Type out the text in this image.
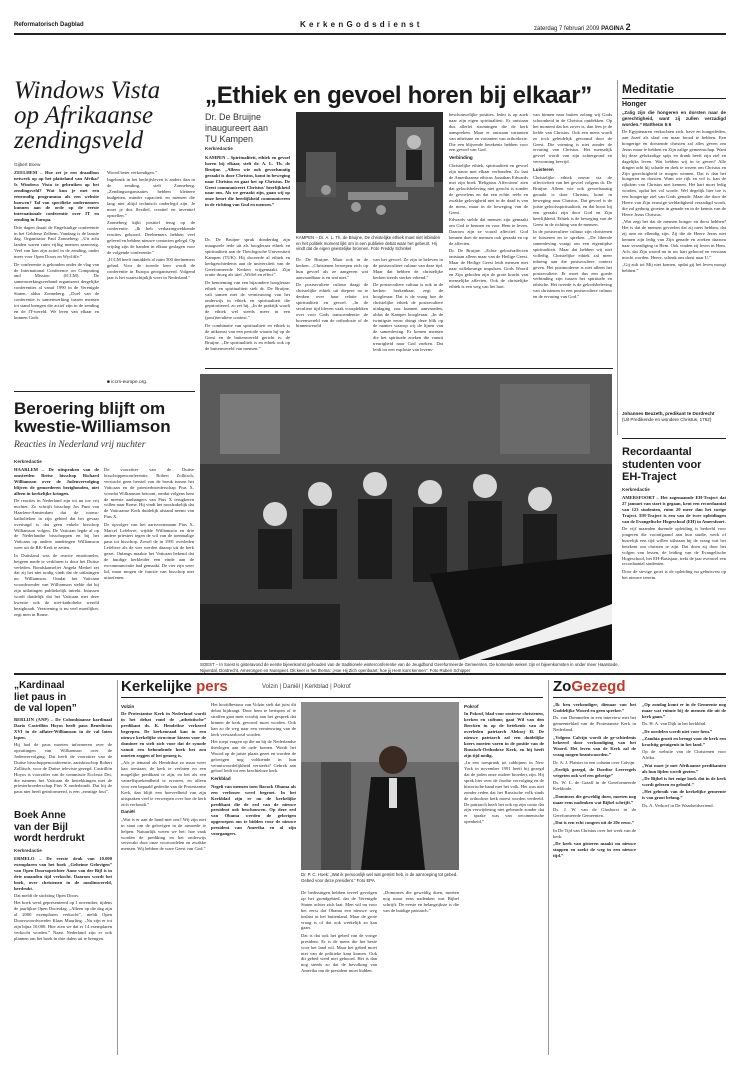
Reformatorisch Dagblad	K e r k e n G o d s d i e n s t	zaterdag 7 februari 2009 PAGINA 2
Windows Vista
op Afrikaanse
zendingsveld
Gijbert Boew

ZEELHEM – Hoe zet je een draadloos netwerk op op het platteland van Afrika? Is Windows Vista te gebruiken op het zendingsveld? Wat kun je met een eenvoudig programma als een website bouwen? Tal van specifieke ondernemers kunnen aan de orde op de eerste internationale conferentie over IT en zending in Europa.

Drie dagen draait de Engelstalige conferentie in het Geldersе Zelhem. Vandaag is de laatste dag. Organisator Paul Zonneberg: „Uit acht landen waren ruim vijftig mensen aanwezig. Veel van hen zijn actief in de zending, onder meer voor Open Doors en Wycliffe.”

De conferentie is gehouden onder de vlag van de International Conference on Computing and Mission (ICCM). De samenwerkingsverband organiseert dergelijke conferenties al vanaf 1990 in de Verenigde Staten, aldus Zonneberg. „Doel van de conferentie is samenwerking tussen mensen tot stand brengen die actief zijn in de zending en de IT-wereld. We leren van elkaar en kunnen Gods

Woord beter verkondigen.”

Ingebruik in het bedrijfsleven is anders dan in de zending, stelt Zonneberg. „Zendingsorganisaties hebben kleinere budgetten, minder capaciteit en mensen die lang niet altijd technisch onderlegd zijn. Je moet je dus flexibel, creatief en inventief opstellen.”

Zonneberg kijkt positief terug op de conferentie. „Ik heb verbazingwekkende reacties gehoord. Deelnemers hebben veel geleerd en hebben nieuwe contacten gelegd. Op vrijdag zijn de handen in elkaar geslagen voor de volgende conferentie.”

„ICCM heeft inmiddels al ruim 500 deelnemers gehad. Voor de tweede keer wordt de conferentie in Europa georganiseerd. Volgend jaar is het waarschijnlijk weer in Nederland.”

■ iccm-europe.org.
„Ethiek en gevoel horen bij elkaar”
Dr. De Bruijne
inaugureert aan
TU Kampen
Kerkredactie

KAMPEN – Spiritualiteit, ethiek en gevoel horen bij elkaar, stelt dr. A. L. Th. de Bruijne. „Alleen wie ook gevoelsmatig geraakt is door Christus, komt in beweging naar Christus en gaat het op Christus. De Geest communiceert Christus' heerlijkheid naar ons. Als we geraakt zijn, gaan wij op onze beurt die heerlijkheid communiceren in de richting van God en mensen.”

KAMPEN – Dr. A. L. Th. de Bruijne. De christelijke ethiek moet niet inbinden en het politiek moment lijkt om in een publieke debat waar het gebeurt. Hij vindt dat de eigen geestelijke bronnen. Foto Freddy Schinkel

Dr. De Bruijne sprak donderdag zijn inaugurele rede uit als hoogleraar ethiek en spiritualiteit aan de Theologische Universiteit Kampen (TUK). Hij doceerde al ethiek en kerkgeschiedenis aan de universiteit van de Gereformeerde Kerken vrijgemaakt. Zijn oratie droeg als titel „Wiffel en effect”.

De benoeming van een bijzondere hoogleraar ethiek en spiritualiteit stelt dr. De Bruijne, valt samen met de vernieuwing van het onderwijs in ethiek en spiritualiteit die geprioriteerd, zo zei hij. „In de praktijk wordt de ethiek wel steeds meer in een (post)seculiere context.”

De combinatie van spiritualiteit en ethiek is de uitkomst van een periode waarin hij op de Geest en de buitenwereld gericht is; de Bruijne. „De spiritualiteit is en ethiek ook op de buitenwereld van mensen.”

Dr. De Bruijne. Maar ook in de kerken. „Christenen beroepen zich op hun gevoel als ze aangeven wat aanvaardbaar is en wat niet.”

De postseculiere cultuur daagt de christelijke ethiek uit diepere na te denken over haar relatie tot spiritualiteit en gevoel. „In de seculiere tijd bleven vaak voorplekken over voor Gods transcendentie: de bovenwereld van de orthodoxie of de binnenwereld

van het gevoel. Ze zijn te beleven in de postseculiere cultuur van deze tijd. Maar dat hebben de christelijke kerken steeds sterker erkend.”

De postseculiere cultuur is ook in de kerken herkenbaar, zegt de hoogleraar. Dat is de vraag hoe de christelijke ethiek de postseculiere uitdaging zou kunnen aanvaarden, aldus de Kamper hoogleraar. „In de twintigste eeuw dringt deze blik op de manier waarop wij de lijnen van de samenleving. Er komen mensen die het spirituele zoeken die vanuit treurigheid naar God zoeken. Dat leidt tot een explosie van levens-

beschouwelijke posities. Ieder is op zoek naar zijn eigen spiritualiteit. Er ontstaan dus allerlei stromingen die de kerk aanspreken. Maar er ontstaan varianten van atheïsme en varianten van orthodoxie. Die een blijvende betekenis hebben voor een gevoel van God.

Verbinding

Christelijke ethiek, spiritualiteit en gevoel zijn nauw met elkaar verbonden. Zo laat de Amerikaanse ethicus Jonathan Edwards met zijn boek 'Religious Affections' zien dat geloofsbeleving niet gericht is zonder de gevoelens en dat een echte, reële en zwakke gelovigheid niet in de daad is van de mens, maar in de beweging van de Geest.

Edwards stelde dat mensen zijn gemaakt om God te kennen en voor Hem te leven. Daarom zijn ze vooral affectief. God kennen doet de mensen ook geraakt en op de affecten.

Dr. De Bruijne. „Echte geloofsaffecten ontstaan alleen maar van de Heilige Geest. Maar de Heilige Geest leidt mensen niet naar willekeurige impulsen. Gods Woord en Zijn geboden zijn de grote kracht van menselijke affecten. Ook de christelijke ethiek is een weg van het hart.

van binnen naar buiten zolang wij Gods schoonheid in de Christus ontdekken. Op het moment dat het zover is, dan lees je de liefde van Christus. Ook een mens wordt zo toch geleidelijk gevormd door de Geest. Die vorming is niet zonder de ervaring van Christus. Het menselijk gevoel wordt van zijn achtergrond en vervorming bevrijd.

Luisteren

Christelijke ethiek omvat via de affectiviteit van het gevoel volgens dr. De Bruijne. Alleen wie ook gevoelsmatig geraakt is door Christus, komt in beweging naar Christus. Dat gevoel is de juiste geloofsspiritualiteit, en dat hoort bij een geraakt zijn door God en Zijn heerlijkheid. Ethiek is de beweging van de Geest in de richting van de mensen.

In de postseculiere cultuur zijn christenen te luisteren en te spreken. „De liberale samenleving vraagt om een eigentijdse spiritualiteit. Maar dat hebben wij niet volledig. Christelijke ethiek zal meer inbreng aan die postseculiere context geven. Het postmoderne is niet alleen het postseculiere. Er moet dus een goede verbinding zijn tussen het spirituele en ethische. Het tweede is de geloofsbeleving van christenen in een postseculiere cultuur en de ervaring van God.”

Meditatie
Honger

„Zalig zijn die hongeren en dorsten naar de gerechtigheid, want zij zullen verzadigd worden.” Mattheüs 5:6

De Egyptenaren verkochten zich, have en hongerleden, aan Jozef als slaaf om maar brood te hebben. Een hongerige en dorstende christen zal alles geven om Jezus maar te hebben en Zijn zalige gemeenschap. Want hij deze gelukzalige spijs en drank heeft zijn ziel en dagelijks leven. Wat hebben wij in te geven? Alle dingen acht hij schade en drek te wezen om Christus en Zijn gerechtigheid te mogen winnen. Dat is dan het hongeren en dorsten. Want wie rijk en vol is, kan de rijkdom van Christus niet kennen. Het hart moet ledig worden, opdat het vol worde. Wel degelijk hier toe is een hongerige ziel van Gods genade. Maar die door de Heere van Zijn eeuwige weldadigheid verzadigd wordt, die zal gedurig groeien in genade en in de kennis van de Heere Jezus Christus.

„Wat zegt het dat de mensen honger en dorst hebben? Het is dat de mensen gevoelen dat zij niets hebben, dat zij arm en ellendig zijn. Zij die de Heere Jezus niet kennen zijn ledig van Zijn genade en zoeken daarom naar verzadiging in Hem. Ook vinden zij leven in Hem. Ach, dat Zijn woord nu in uw hart gehoord en verstaan mocht worden. Heere, schenk ons dorst naar U.”

„Gij zult tot Mij niet komen, opdat gij het leven moogt hebben.”

Johannes Beuzeth, predikant te Dordrecht
(Uit Predikende en wondere Christus, 1752)
Beroering blijft om
kwestie-Williamson
Reacties in Nederland vrij nuchter
Kerkredactie

HAARLEM – De uitspraken van de omstreden Britse bisschop Richard Williamson over de Jodenvervolging blijven de gemoederen bezighouden, niet alleen in kerkelijke kringen.

De reacties in Nederland zijn tot nu toe vrij nuchter. Zo schrijft bisschop Jos Punt van Haarlem-Amsterdam dat de rooms-katholieken in zijn gebied dat het gevaar overtuigd is dat geen enkele bisschop Williamson volgen. De Vaticaan legde al op de Nederlandse bisschoppen en bij het Vaticaan op andere aandringen Williamson weer uit de RK-Kerk te zetten.

In Duitsland was de reactie emotioneler, hetgeen mede te verklaren is door het Duitse verleden. Bondskanselier Angela Merkel zei dat zij het niet nodig vindt dat de uitlatingen nu Williamson. Omdat het Vaticaan woordvoerder van Williamson stelde dat hij zijn uitlatingen publiekelijk intrekt. Intussen wordt duidelijk dat het Vaticaan met deze kwestie ook de niet-katholieke wereld bezighoudt. Verzoening is nu veel moeilijker, zegt men in Rome.

De voorzitter van de Duitse bisschoppenconferentie, Robert Zollitsch, verwacht geen herstel van de breuk tussen het Vaticaan en de priesterbroederschap Pius X, voordat Williamson betoont, omdat volgens hem de meeste aanhangers van Pius X terugkeren willen naar Rome. Hij vindt het noodzakelijk dat de Vaticaanse Kerk duidelijk afstand neemt van Pius X.

De opvolger van het aartsvormnaam Pius X, Marcel Lefebvre, wijdde Williamson en drie andere priesters tegen de wil van de toenmalige paus tot bisschop. Zowel de in 1991 overleden Lefebvre als de vier werden daarop uit de kerk gezet. Onlangs maakte het Vaticaan bekend dat de huidige kerkleider een einde aan de excommunicatie had gemaakt. De vier zijn weer lid, maar mogen de functie van bisschop niet uitoefenen.

SOEST – In Soest is gisteravond de eerste bijeenkomst gehouden van de traditionele winterconferentie van de Jeugdbond Gereformeerde Gemeenten. De komende weken zijn er bijeenkomsten in onder meer Haarstede, Nijverdal, Dordrecht, Amerongen en Nunspeet. Dit keer is het thema: „Hoe Hij Zich openbaart; hoe jij Hem kunt kennen”. Foto Ruben Schipper
Recordaantal
studenten voor
EH-Traject
Kerkredactie

AMERSFOORT – Het zogenaamde EH-Traject dat 27 januari van start is gegaan, kent een recordaantal van 123 studenten, ruim 20 meer dan het vorige Traject. EH-Traject is een van de twee opleidingen van de Evangelische Hogeschool (EH) in Amersfoort.

De vijf maanden durende opleiding is bedoeld voor jongeren die voorafgaand aan hun studie, werk of huwelijk een tijd willen stilstaan bij de vraag wat het betekent om christen te zijn. Dat doen zij door het volgen van lessen, de leiding van de Evangelische Hogeschool, het EH-Basisjaar, trekt de jaar evenwel een recordaantal studenten.

Door de stevige groei is de opleiding nu gehuisvest op het nieuwe terrein.

„Kardinaal
liet paus in
de val lopen”

BERLIJN (ANP) – De Colombiaanse kardinaal Darío Castrillón Hoyos heeft paus Benedictus XVI in de affaire-Williamson in de val laten lopen.

Hij had de paus moeten informeren over de opvattingen van Williamson over de Jodenvervolging. Dat heeft de voorzitter van de Duitse bisschoppenconferentie, aartsbisschop Robert Zollitsch, voor de Duitse televisie gezegd. Castrillón Hoyos is voorzitter van de commissie Ecclesia Dei, die namens het Vaticaan de betrekkingen met de priesterbroederschap Pius X onderhoudt. Dat hij de paus niet heeft geïnformeerd, is een „ernstige fout”.

Boek Anne
van der Bijl
wordt herdrukt
Kerkredactie

ERMELO – De eerste druk van 10.000 exemplaren van het boek „Geheime Gelovigen” van Open Doorsoprichter Anne van der Bijl is in drie maanden tijd verkocht. Daarom wordt het boek, over christenen in de moslimwereld, herdrukt.

Dat meldt de stichting Open Doors.

Het boek werd gepresenteerd op 1 november, tijdens de jaarlijkse Open Doorsdag. „Alleen op die dag zijn al 2000 exemplaren verkocht”, meldt Open Doorswoordvoerder Klaas Muurling. „Nu zijn er tot zijn bijna 10.000. Hier zien we dat er 14 exemplaren verkocht worden.” Naast Nederland zijn er ook plannen om het boek in drie dalen uit te brengen.

Kerkelijke pers	Volzin | Daniël | Kerkblad | Pokrof

Volzin

De Protestantse Kerk in Nederland wordt in het debat rond de „atheïstische” predikant ds. K. Hendrikse verkeerd begrepen. De kerkenraad kan in een nieuwe kerkelijke structuur kiezen voor de dominee en stelt zich voor dat de synode vanuit een behoudende hoek het zou moeten zeggen of het genoeg is.

„Als je iemand als Hendrikse zo maar weer kan toestaan, de kerk te verlaten en een mogelijke predikant te zijn, en het als een vanzelfsprekendheid te ervaren, en alleen voor een bepaald gedeelte van de Protestantse Kerk, dan blijft een hoeveelheid van zijn uitspraken veel te verwerpen over hoe de kerk zich verhoudt.”

Daniël

„Wat is er aan de hand met ons? Wij zijn niet in staat om de gelovigen in de armoede te helpen. Natuurlijk weten we het: hoe vaak worden de prediking en het onderwijs verzwakt door onze vooroordelen en zwakke mensen. Wij hebben de ware Geest van God.”

Het hoofdbestuur van Volzin stelt dat juist dit debat bijdraagt. Door hem te berispen of te straffen gaat men voorbij aan het gesprek dat binnen de kerk gevoerd moet worden. Ook kan zo de weg naar een vernieuwing van de kerk verwaarloosd worden.

Het roept vragen op die nu bij de Nederlandse theologen aan de orde komen. Wordt het Woord op de juiste plaats gezet en worden de gelovigen nog voldoende in hun verantwoordelijkheid versterkt? Gebrek aan geloof leidt tot een krachteloze kerk.

Kerkblad

Negeli van mensen toen Barack Obama als een verlosser werd begroet. In het Kerkblad zijn er nu de kerkelijke predikant die de eed van de nieuwe president ook beschouwen. Op deze eed van Obama werden de gelovigen opgeroepen om te bidden voor de nieuwe president van Amerika en al zijn voorgangers.

Dr. P. C. Hoek: „Wat ik persoonlijk wel wat gemist heb, is de aanroeping tot gebed. Gebed voor deze president.” Foto EPA

De bedissingen hebben teveel gevolgen op het grondgebied, dat de Verenigde Staten achter zich laat. Men wil nu voor het eerst dat Obama een nieuwe weg inslaat in het buitenland. Maar de grote vraag is of dat ook werkelijk zo kan gaan.

Dat is dat ook het gebed van de vorige president. Er is de mens die het beste voor het land wil. Maar het gebed moet niet van de politieke kant komen. Ook dit gebed werd niet gehoord. Het is dan nog steeds zo dat de bevolking van Amerika om de president moet bidden.

„Dominees die geweldig doen, moeten nog maar eens nadenken wat Bijbel schrijft. De eerste en belangrijkste is die van de huidige patriarch.”

Pokrof

In Pokrof, blad voor oosterse christenen, kerken en cultuur, gaat Wil van den Bercken in op de betekenis van de overleden patriarch Aleksej II. De nieuwe patriarch zal een duidelijke koers moeten varen in de positie van de Russisch-Orthodoxe Kerk, en hij heeft zijn tijd nodig.

„In een toespraak tot rabbijnen in New York in november 1991 heeft hij gezegd dat de joden onze oudere broeders zijn. Hij sprak hier over de Joodse vervolging en de historische band met het volk. Het was niet zonder reden dat het Russische volk sinds de orthodoxe kerk moest worden verdeeld. De patriarch heeft het ook op zijn conto dat zijn verwijdering niet gebeurde zonder dat er sprake was van oecumenische openheid.”

ZoGezegd

„Ik ben verkondiger, dienaar van het Goddelijke Woord en geen spreker.”

Ds. van Dommelen in een interview met het gemeenteblad van de Protestantse Kerk in Nederland.

„Volgens Calvijn wordt de ge-schiedenis bekeerd door verkondiging van het Woord. Het leven van de Kerk zal de vraag mogen beantwoorden.”

Dr. A. J. Plaisier in een column over Calvijn.

„Eerlijk gezegd, de Dordtse Leerregels vergeten ook wel een gelovige”

Ds. W. L. de Graaff in de Gereformeerde Kerkbode.

„Dominees die geweldig doen, moeten nog maar eens nadenken wat Bijbel schrijft.”

Ds. J. W. van de Glashorst in de Gereformeerde Gemeenten.

„Dat is een echt congres uit de 20e eeuw.”

In De Tijd van Christus over het werk van de kerk.

„De kerk van gisteren maakt nu nieuwe stappen en zoekt de weg in een nieuwe tijd.”

„Op zondag komt er in de Gemeente nog maar wat ruimte bij de mensen die uit de kerk gaan.”

Ds. H. A. van Dijk in het kerkblad.

„De oordelen wordt niet voor hem.”

„Zambia groeit en brengt voor de kerk een krachtig getuigenis in het land.”

Op de website van de Christenen voor Afrika.

„Wat moet je met Afrikaanse predikanten als hun lijden wordt gezien.”

„De Bijbel is het enige boek dat in de kerk wordt gelezen en geloofd.”

„Het gebruik van de kerkelijke gemeente is van groot belang.”

Ds. A. Verhoef in De Waarheidsvriend.
